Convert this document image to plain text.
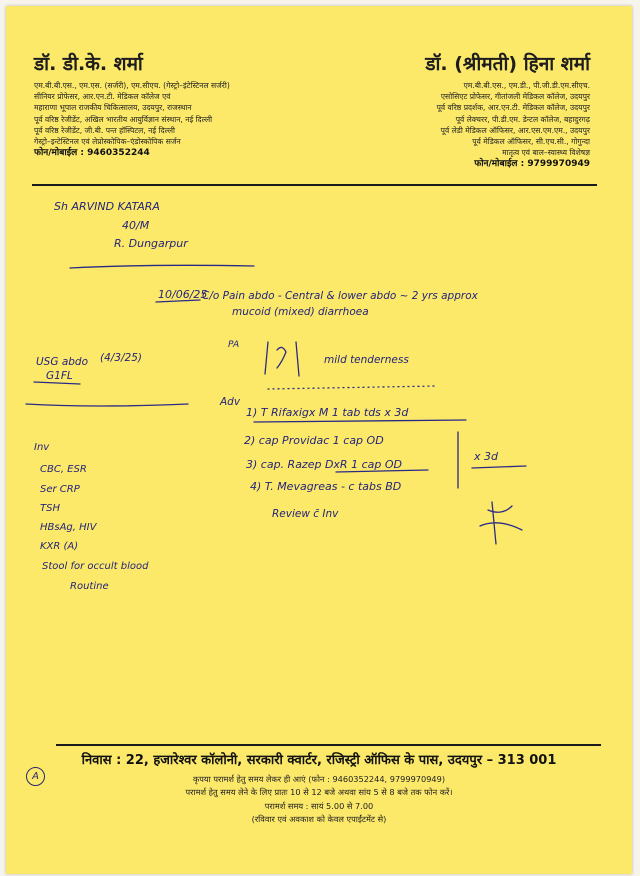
डॉ. डी.के. शर्मा
एम.बी.बी.एस., एम.एस. (सर्जरी), एम.सीएच. (गेस्ट्रो–इंटेस्टिनल सर्जरी)
सीनियर प्रोफेसर, आर.एन.टी. मेडिकल कॉलेज एवं
महाराणा भूपाल राजकीय चिकित्सालय, उदयपुर, राजस्थान
पूर्व वरिष्ठ रेजीडेंट, अखिल भारतीय आयुर्विज्ञान संस्थान, नई दिल्ली
पूर्व वरिष्ठ रेजीडेंट, जी.बी. पन्त हॉस्पिटल, नई दिल्ली
गेस्ट्रो–इन्टेस्टिनल एवं लेप्रोस्कोपिक–एंडोस्कोपिक सर्जन
फोन/मोबाईल : 9460352244
डॉ. (श्रीमती) हिना शर्मा
एम.बी.बी.एस., एम.डी., पी.जी.डी.एम.सीएच.
एसोसिएट प्रोफेसर, गीतांजली मेडिकल कॉलेज, उदयपुर
पूर्व वरिष्ठ प्रदर्शक, आर.एन.टी. मेडिकल कॉलेज, उदयपुर
पूर्व लेक्चरर, पी.डी.एम. डेन्टल कॉलेज, बहादुरगढ़
पूर्व लेडी मेडिकल ऑफिसर, आर.एस.एम.एम., उदयपुर
पूर्व मेडिकल ऑफिसर, सी.एच.सी., गोगुन्दा
मातृत्व एवं बाल–स्वास्थ्य विशेषज्ञ
फोन/मोबाईल : 9799970949
Sh ARVIND KATARA
40/M
R. Dungarpur
10/06/25
C/o Pain abdo - Central & lower abdo ~ 2 yrs approx
mucoid (mixed) diarrhoea
USG abdo (4/3/25)
G1FL
PA
mild tenderness
Adv
1) T Rifaxigx M 1 tab tds x 3d
2) cap Providac 1 cap OD
3) cap. Razep DxR 1 cap OD
4) T. Mevagreas - c tabs BD
x 3d
Review c̄ Inv
Inv
CBC, ESR
Ser CRP
TSH
HBsAg, HIV
KXR (A)
Stool for occult blood
Routine
निवास : 22, हजारेश्वर कॉलोनी, सरकारी क्वार्टर, रजिस्ट्री ऑफिस के पास, उदयपुर – 313 001
कृपया परामर्श हेतु समय लेकर ही आएं (फोन : 9460352244, 9799970949)
परामर्श हेतु समय लेने के लिए प्रातः 10 से 12 बजे अथवा सांय 5 से 8 बजे तक फोन करें।
परामर्श समय : सायं 5.00 से 7.00
(रविवार एवं अवकाश को केवल एपाईंटमेंट से)
A
